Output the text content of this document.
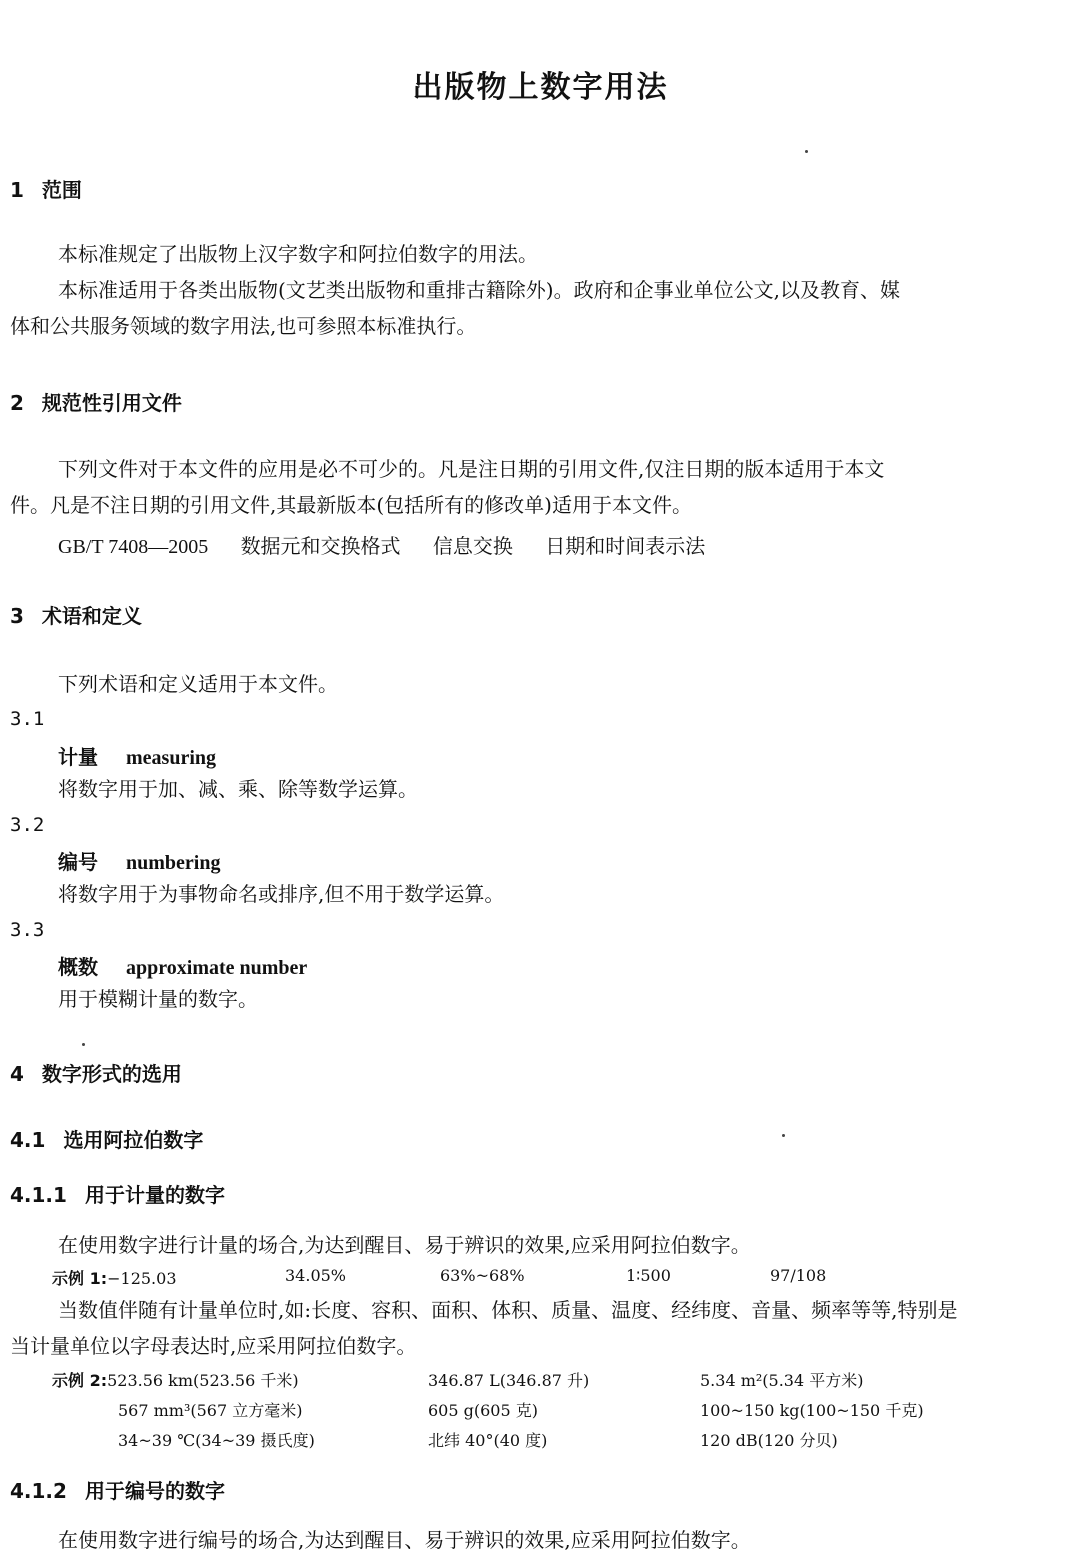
出版物上数字用法
1 范围
本标准规定了出版物上汉字数字和阿拉伯数字的用法。
本标准适用于各类出版物(文艺类出版物和重排古籍除外)。政府和企事业单位公文,以及教育、媒
体和公共服务领域的数字用法,也可参照本标准执行。
2 规范性引用文件
下列文件对于本文件的应用是必不可少的。凡是注日期的引用文件,仅注日期的版本适用于本文
件。凡是不注日期的引用文件,其最新版本(包括所有的修改单)适用于本文件。
GB/T 7408—2005 数据元和交换格式 信息交换 日期和时间表示法
3 术语和定义
下列术语和定义适用于本文件。
3.1
计量 measuring
将数字用于加、减、乘、除等数学运算。
3.2
编号 numbering
将数字用于为事物命名或排序,但不用于数学运算。
3.3
概数 approximate number
用于模糊计量的数字。
4 数字形式的选用
4.1 选用阿拉伯数字
4.1.1 用于计量的数字
在使用数字进行计量的场合,为达到醒目、易于辨识的效果,应采用阿拉伯数字。
示例 1:−125.03	34.05%	63%~68%	1∶500	97/108
当数值伴随有计量单位时,如:长度、容积、面积、体积、质量、温度、经纬度、音量、频率等等,特别是
当计量单位以字母表达时,应采用阿拉伯数字。
示例 2:523.56 km(523.56 千米)	346.87 L(346.87 升)	5.34 m²(5.34 平方米)
567 mm³(567 立方毫米)	605 g(605 克)	100~150 kg(100~150 千克)
34~39 ℃(34~39 摄氏度)	北纬 40°(40 度)	120 dB(120 分贝)
4.1.2 用于编号的数字
在使用数字进行编号的场合,为达到醒目、易于辨识的效果,应采用阿拉伯数字。
